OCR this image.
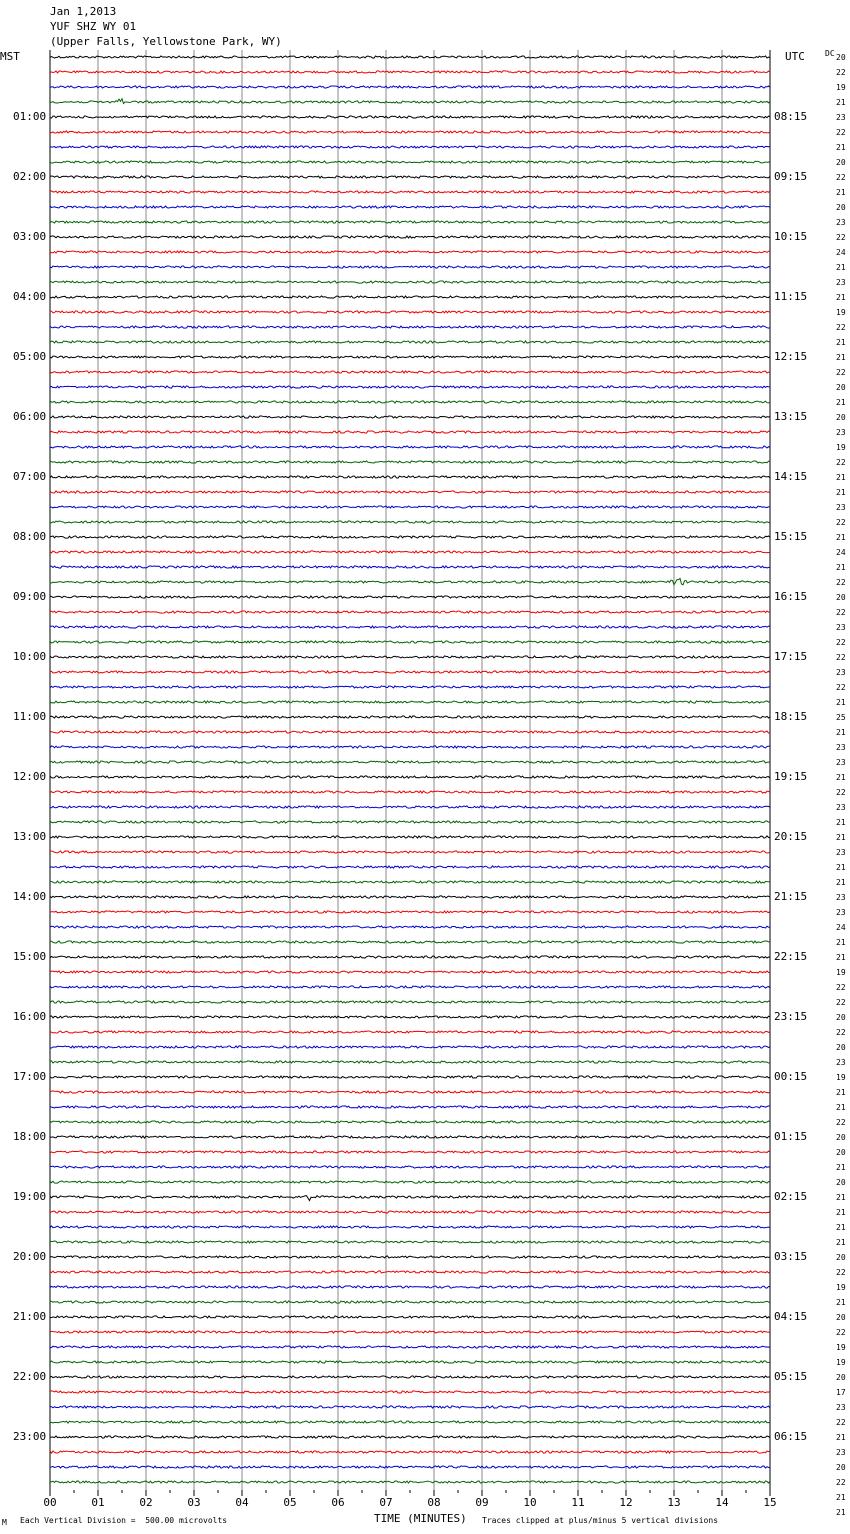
Jan 1,2013
YUF SHZ WY 01
(Upper Falls, Yellowstone Park, WY)
MST	UTC	DC
00	01	02	03	04	05	06	07	08	09	10	11	12	13	14	15
01:00
02:00
03:00
04:00
05:00
06:00
07:00
08:00
09:00
10:00
11:00
12:00
13:00
14:00
15:00
16:00
17:00
18:00
19:00
20:00
21:00
22:00
23:00
08:15
09:15
10:15
11:15
12:15
13:15
14:15
15:15
16:15
17:15
18:15
19:15
20:15
21:15
22:15
23:15
00:15
01:15
02:15
03:15
04:15
05:15
06:15
20
22
19
21
23
22
21
20
22
21
20
23
22
24
21
23
21
19
22
21
21
22
20
21
20
23
19
22
21
21
23
22
21
24
21
22
20
22
23
22
22
23
22
21
25
21
23
23
21
22
23
21
21
23
21
21
23
23
24
21
21
19
22
22
20
22
20
23
19
21
21
22
20
20
21
20
21
21
21
21
20
22
19
21
20
22
19
19
20
17
23
22
21
23
20
22
21
21
M Each Vertical Division =  500.00 microvolts	TIME (MINUTES) Traces clipped at plus/minus 5 vertical divisions
